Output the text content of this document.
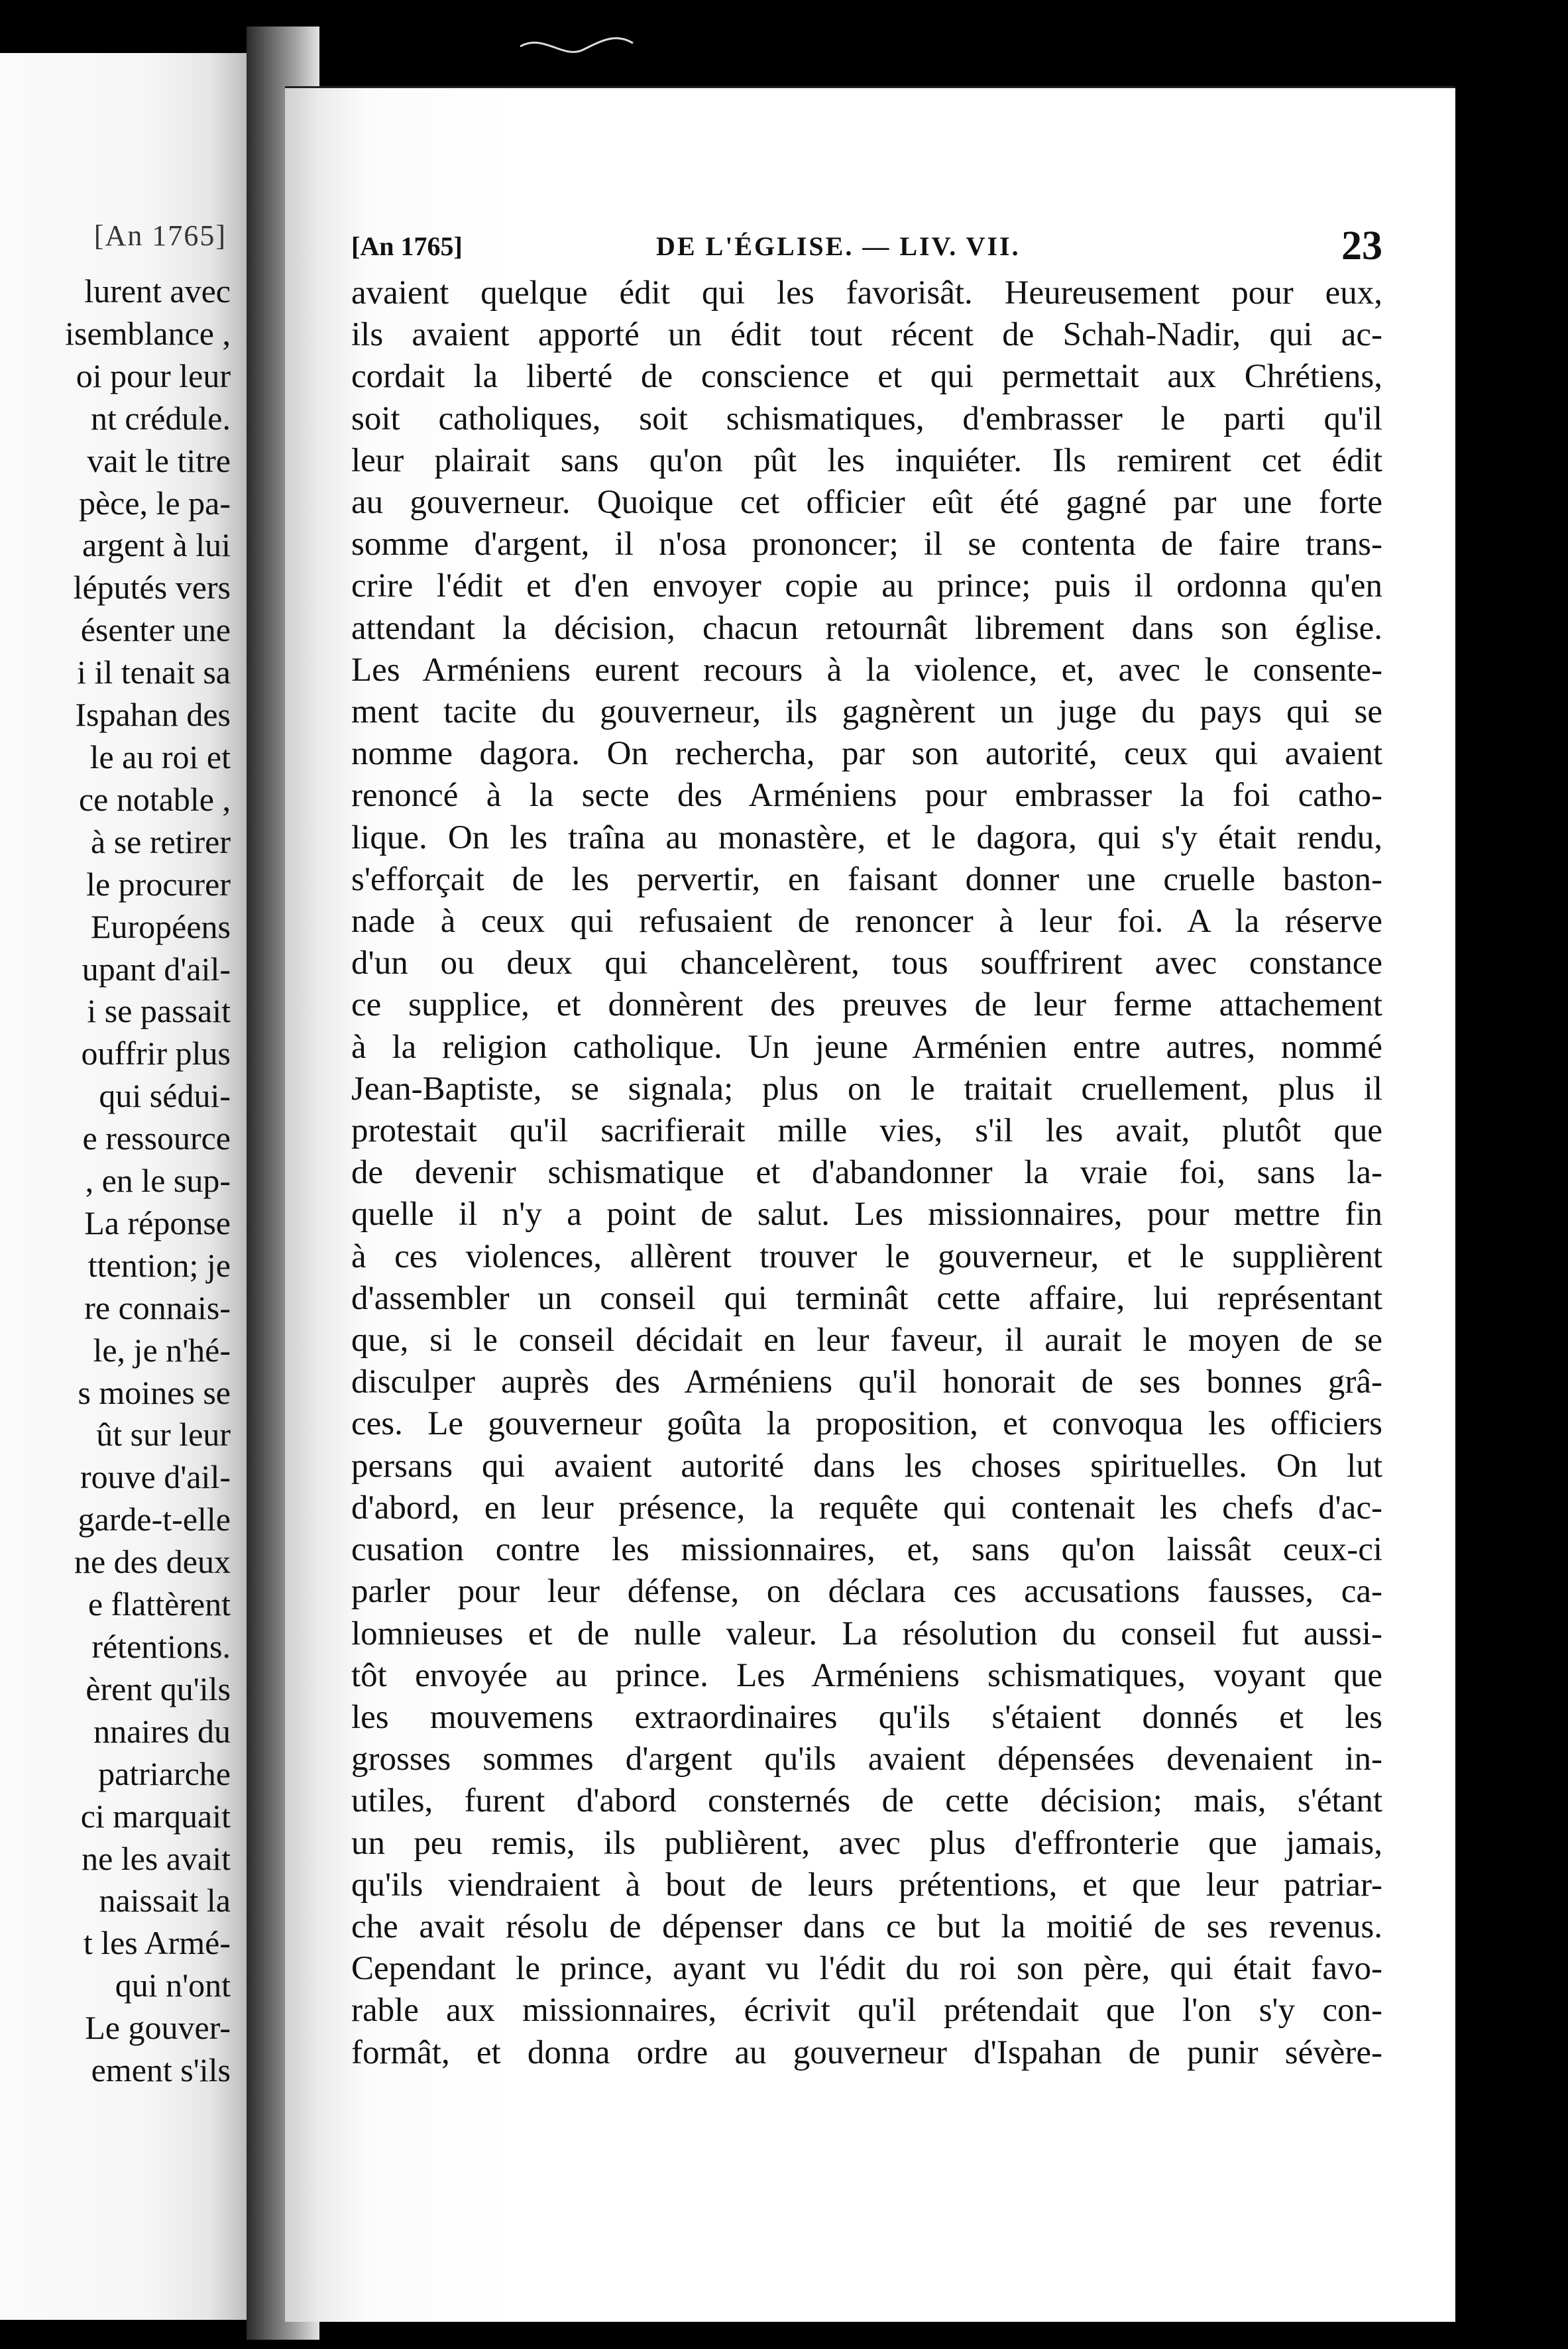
[An 1765]
lurent avec
isemblance ,
oi pour leur
nt crédule.
vait le titre
pèce, le pa-
argent à lui
léputés vers
ésenter une
i il tenait sa
Ispahan des
le au roi et
ce notable ,
à se retirer
le procurer
Européens
upant d'ail-
i se passait
ouffrir plus
qui sédui-
e ressource
, en le sup-
La réponse
ttention; je
re connais-
le, je n'hé-
s moines se
ût sur leur
rouve d'ail-
garde-t-elle
ne des deux
e flattèrent
rétentions.
èrent qu'ils
nnaires du
patriarche
ci marquait
ne les avait
naissait la
t les Armé-
qui n'ont
Le gouver-
ement s'ils
[An 1765]	DE L'ÉGLISE. — LIV. VII.	23
avaient quelque édit qui les favorisât. Heureusement pour eux,
ils avaient apporté un édit tout récent de Schah-Nadir, qui ac-
cordait la liberté de conscience et qui permettait aux Chrétiens,
soit catholiques, soit schismatiques, d'embrasser le parti qu'il
leur plairait sans qu'on pût les inquiéter. Ils remirent cet édit
au gouverneur. Quoique cet officier eût été gagné par une forte
somme d'argent, il n'osa prononcer; il se contenta de faire trans-
crire l'édit et d'en envoyer copie au prince; puis il ordonna qu'en
attendant la décision, chacun retournât librement dans son église.
Les Arméniens eurent recours à la violence, et, avec le consente-
ment tacite du gouverneur, ils gagnèrent un juge du pays qui se
nomme dagora. On rechercha, par son autorité, ceux qui avaient
renoncé à la secte des Arméniens pour embrasser la foi catho-
lique. On les traîna au monastère, et le dagora, qui s'y était rendu,
s'efforçait de les pervertir, en faisant donner une cruelle baston-
nade à ceux qui refusaient de renoncer à leur foi. A la réserve
d'un ou deux qui chancelèrent, tous souffrirent avec constance
ce supplice, et donnèrent des preuves de leur ferme attachement
à la religion catholique. Un jeune Arménien entre autres, nommé
Jean-Baptiste, se signala; plus on le traitait cruellement, plus il
protestait qu'il sacrifierait mille vies, s'il les avait, plutôt que
de devenir schismatique et d'abandonner la vraie foi, sans la-
quelle il n'y a point de salut. Les missionnaires, pour mettre fin
à ces violences, allèrent trouver le gouverneur, et le supplièrent
d'assembler un conseil qui terminât cette affaire, lui représentant
que, si le conseil décidait en leur faveur, il aurait le moyen de se
disculper auprès des Arméniens qu'il honorait de ses bonnes grâ-
ces. Le gouverneur goûta la proposition, et convoqua les officiers
persans qui avaient autorité dans les choses spirituelles. On lut
d'abord, en leur présence, la requête qui contenait les chefs d'ac-
cusation contre les missionnaires, et, sans qu'on laissât ceux-ci
parler pour leur défense, on déclara ces accusations fausses, ca-
lomnieuses et de nulle valeur. La résolution du conseil fut aussi-
tôt envoyée au prince. Les Arméniens schismatiques, voyant que
les mouvemens extraordinaires qu'ils s'étaient donnés et les
grosses sommes d'argent qu'ils avaient dépensées devenaient in-
utiles, furent d'abord consternés de cette décision; mais, s'étant
un peu remis, ils publièrent, avec plus d'effronterie que jamais,
qu'ils viendraient à bout de leurs prétentions, et que leur patriar-
che avait résolu de dépenser dans ce but la moitié de ses revenus.
Cependant le prince, ayant vu l'édit du roi son père, qui était favo-
rable aux missionnaires, écrivit qu'il prétendait que l'on s'y con-
formât, et donna ordre au gouverneur d'Ispahan de punir sévère-
